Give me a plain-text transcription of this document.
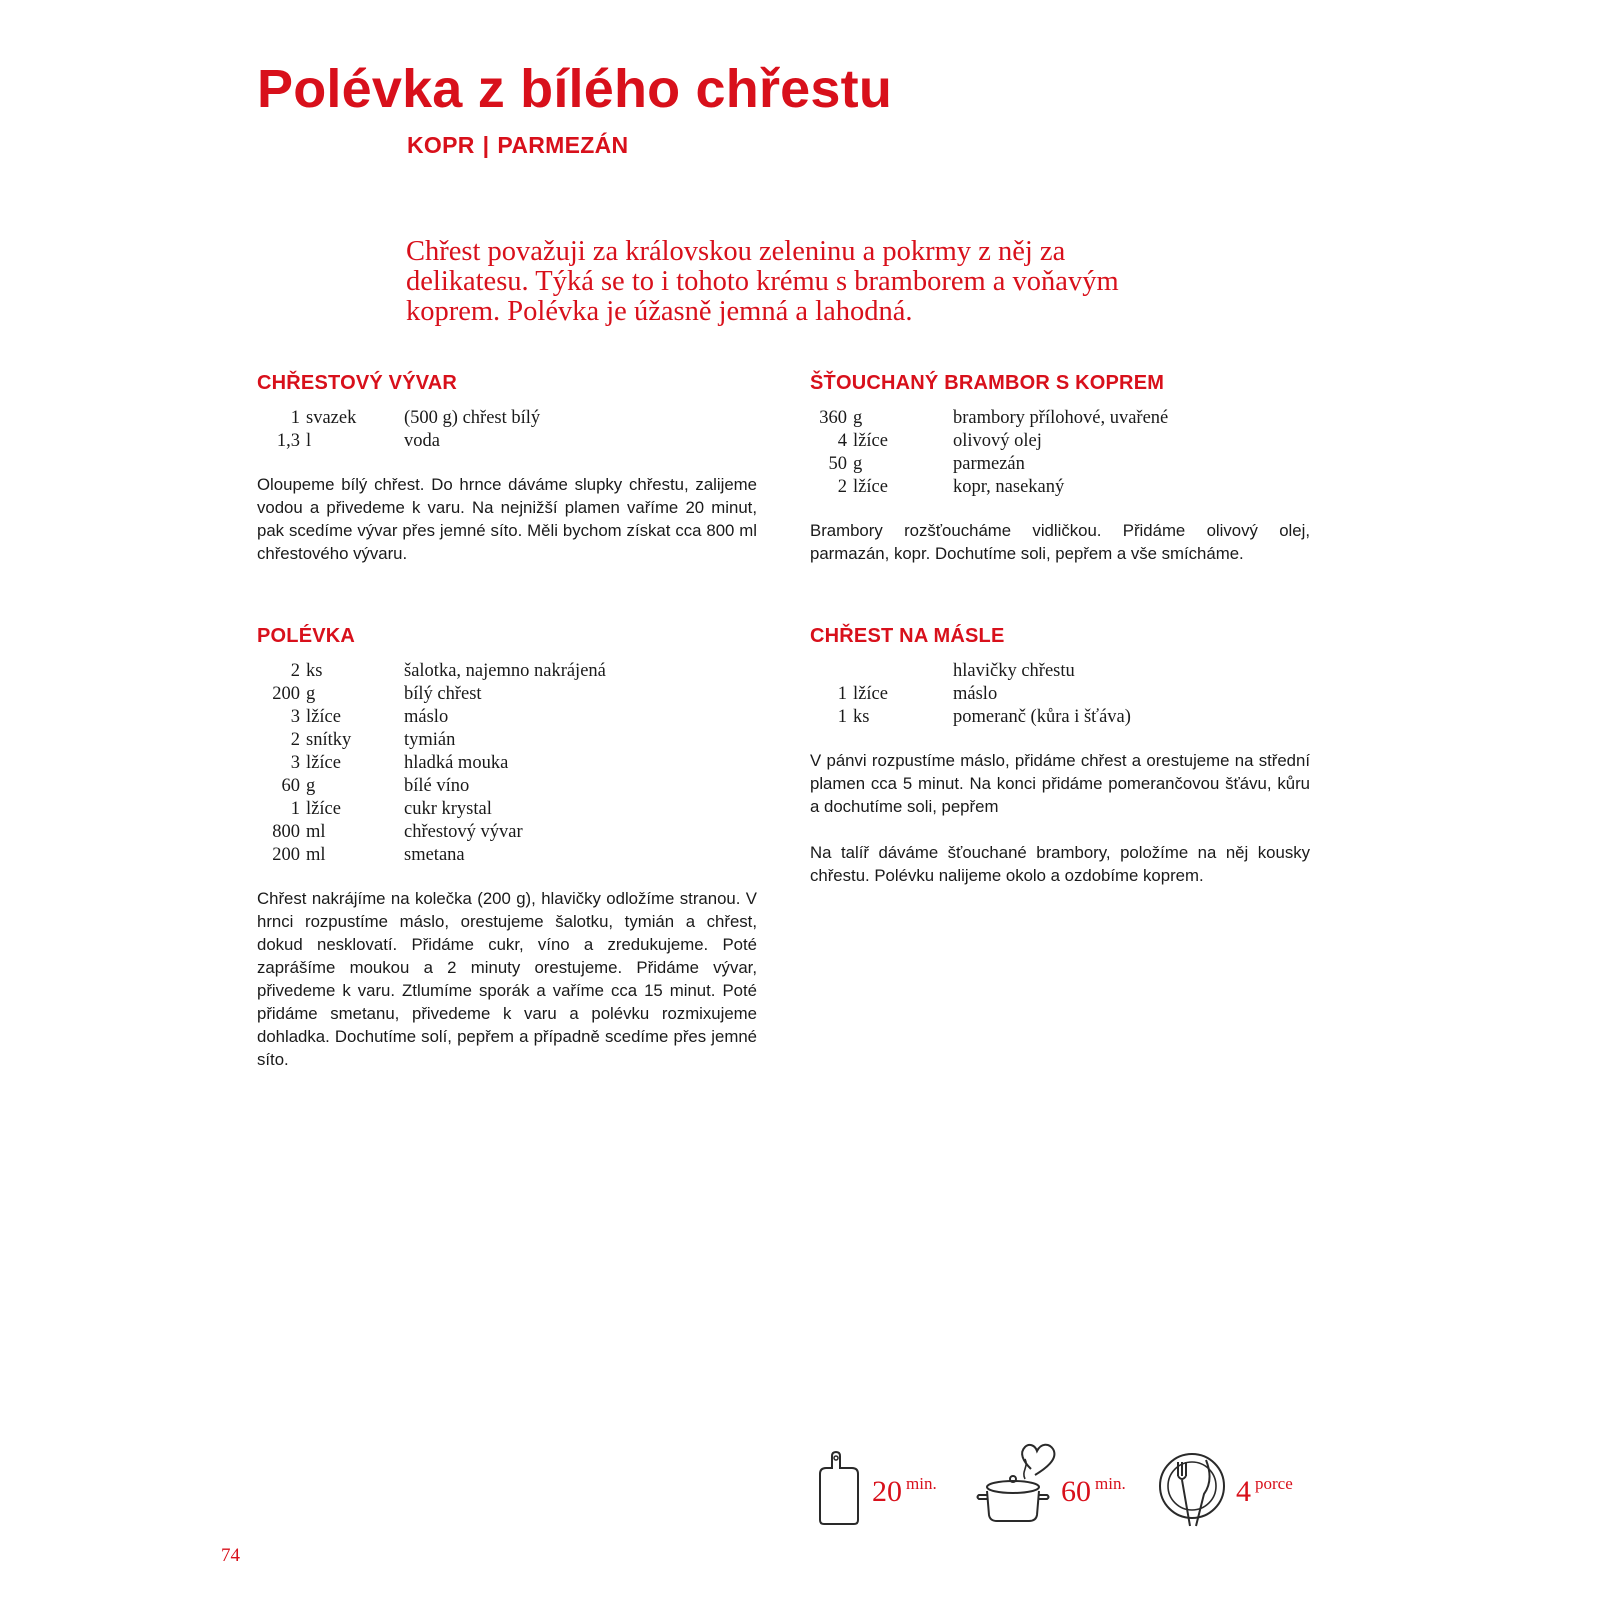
Polévka z bílého chřestu
KOPR | PARMEZÁN

Chřest považuji za královskou zeleninu a pokrmy z něj za delikatesu. Týká se to i tohoto krému s bramborem a voňavým koprem. Polévka je úžasně jemná a lahodná.

CHŘESTOVÝ VÝVAR
1	svazek	(500 g) chřest bílý
1,3	l	voda

Oloupeme bílý chřest. Do hrnce dáváme slupky chřestu, zalijeme vodou a přivedeme k varu. Na nejnižší plamen vaříme 20 minut, pak scedíme vývar přes jemné síto. Měli bychom získat cca 800 ml chřestového vývaru.

ŠŤOUCHANÝ BRAMBOR S KOPREM
360	g	brambory přílohové, uvařené
4	lžíce	olivový olej
50	g	parmezán
2	lžíce	kopr, nasekaný

Brambory rozšťoucháme vidličkou. Přidáme olivový olej, parmazán, kopr. Dochutíme soli, pepřem a vše smícháme.

POLÉVKA
2	ks	šalotka, najemno nakrájená
200	g	bílý chřest
3	lžíce	máslo
2	snítky	tymián
3	lžíce	hladká mouka
60	g	bílé víno
1	lžíce	cukr krystal
800	ml	chřestový vývar
200	ml	smetana

Chřest nakrájíme na kolečka (200 g), hlavičky odložíme stranou. V hrnci rozpustíme máslo, orestujeme šalotku, tymián a chřest, dokud nesklovatí. Přidáme cukr, víno a zredukujeme. Poté zaprášíme moukou a 2 minuty orestujeme. Přidáme vývar, přivedeme k varu. Ztlumíme sporák a vaříme cca 15 minut. Poté přidáme smetanu, přivedeme k varu a polévku rozmixujeme dohladka. Dochutíme solí, pepřem a případně scedíme přes jemné síto.

CHŘEST NA MÁSLE
		hlavičky chřestu
1	lžíce	máslo
1	ks	pomeranč (kůra i šťáva)

V pánvi rozpustíme máslo, přidáme chřest a orestujeme na střední plamen cca 5 minut. Na konci přidáme pomerančovou šťávu, kůru a dochutíme soli, pepřem

Na talíř dáváme šťouchané brambory, položíme na něj kousky chřestu. Polévku nalijeme okolo a ozdobíme koprem.

20 min.	60 min.	4 porce
74
